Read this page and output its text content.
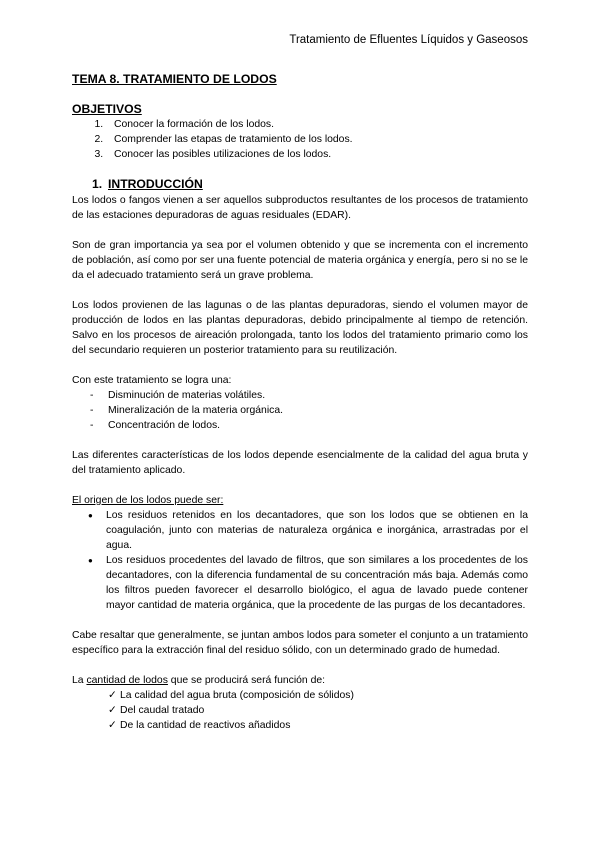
Tratamiento de Efluentes Líquidos y Gaseosos
TEMA 8. TRATAMIENTO DE LODOS
OBJETIVOS
1. Conocer la formación de los lodos.
2. Comprender las etapas de tratamiento de los lodos.
3. Conocer las posibles utilizaciones de los lodos.
1. INTRODUCCIÓN

Los lodos o fangos vienen a ser aquellos subproductos resultantes de los procesos de tratamiento de las estaciones depuradoras de aguas residuales (EDAR).

Son de gran importancia ya sea por el volumen obtenido y que se incrementa con el incremento de población, así como por ser una fuente potencial de materia orgánica y energía, pero si no se le da el adecuado tratamiento será un grave problema.

Los lodos provienen de las lagunas o de las plantas depuradoras, siendo el volumen mayor de producción de lodos en las plantas depuradoras, debido principalmente al tiempo de retención. Salvo en los procesos de aireación prolongada, tanto los lodos del tratamiento primario como los del secundario requieren un posterior tratamiento para su reutilización.

Con este tratamiento se logra una:

- Disminución de materias volátiles.
- Mineralización de la materia orgánica.
- Concentración de lodos.

Las diferentes características de los lodos depende esencialmente de la calidad del agua bruta y del tratamiento aplicado.

El origen de los lodos puede ser:

● Los residuos retenidos en los decantadores, que son los lodos que se obtienen en la coagulación, junto con materias de naturaleza orgánica e inorgánica, arrastradas por el agua.
● Los residuos procedentes del lavado de filtros, que son similares a los procedentes de los decantadores, con la diferencia fundamental de su concentración más baja. Además como los filtros pueden favorecer el desarrollo biológico, el agua de lavado puede contener mayor cantidad de materia orgánica, que la procedente de las purgas de los decantadores.

Cabe resaltar que generalmente, se juntan ambos lodos para someter el conjunto a un tratamiento específico para la extracción final del residuo sólido, con un determinado grado de humedad.

La cantidad de lodos que se producirá será función de:

✓ La calidad del agua bruta (composición de sólidos)
✓ Del caudal tratado
✓ De la cantidad de reactivos añadidos
